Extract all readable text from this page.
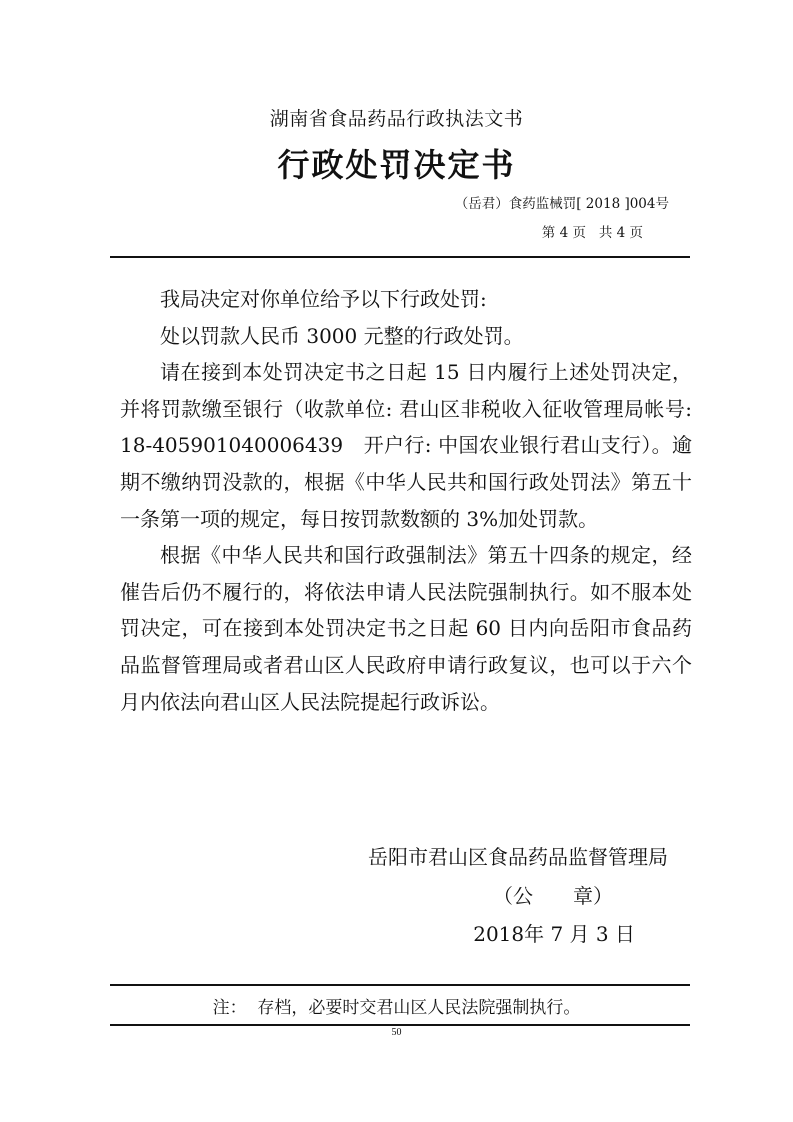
湖南省食品药品行政执法文书
行政处罚决定书
（岳君）食药监械罚[ 2018 ]004号
第 4 页   共 4 页

我局决定对你单位给予以下行政处罚:

处以罚款人民币 3000 元整的行政处罚。

请在接到本处罚决定书之日起 15 日内履行上述处罚决定，并将罚款缴至银行（收款单位: 君山区非税收入征收管理局帐号: 18-405901040006439　开户行: 中国农业银行君山支行）。逾期不缴纳罚没款的，根据《中华人民共和国行政处罚法》第五十一条第一项的规定，每日按罚款数额的 3%加处罚款。

根据《中华人民共和国行政强制法》第五十四条的规定，经催告后仍不履行的，将依法申请人民法院强制执行。如不服本处罚决定，可在接到本处罚决定书之日起 60 日内向岳阳市食品药品监督管理局或者君山区人民政府申请行政复议，也可以于六个月内依法向君山区人民法院提起行政诉讼。

岳阳市君山区食品药品监督管理局
（公　　章）
2018年 7 月 3 日
注：  存档，必要时交君山区人民法院强制执行。
50
